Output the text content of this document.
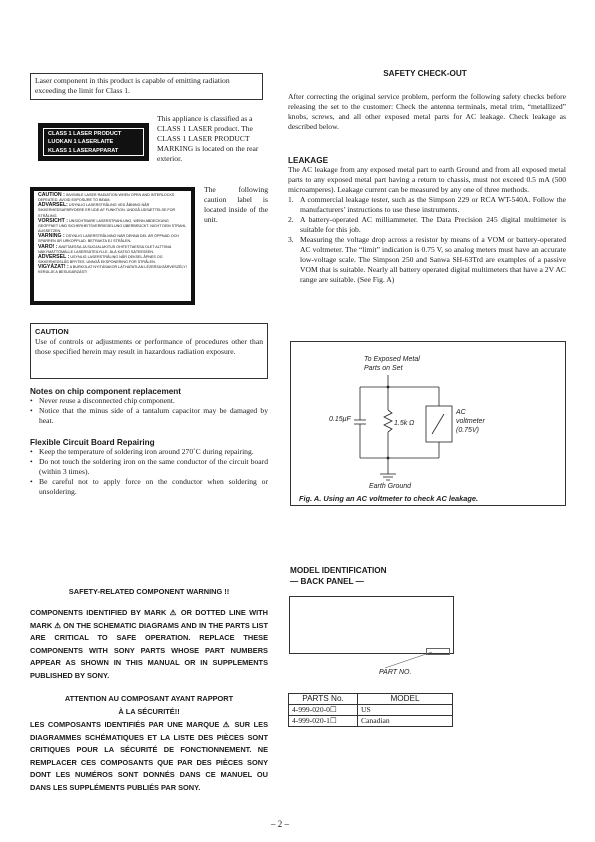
Laser component in this product is capable of emitting radiation exceeding the limit for Class 1.
CLASS 1 LASER PRODUCT
LUOKAN 1 LASERLAITE
KLASS 1 LASERAPPARAT
This appliance is classified as a CLASS 1 LASER product. The CLASS 1 LASER PRODUCT MARKING is located on the rear exterior.
CAUTION : INVISIBLE LASER RADIATION WHEN OPEN AND INTERLOCKS DEFEATED. AVOID EXPOSURE TO BEAM.
ADVARSEL: USYNLIG LASERSTRÅLING VED ÅBNING NÅR SIKKERHEDSAFBRYDERE ER UDE AF FUNKTION. UNDGÅ UDSÆTTELSE FOR STRÅLING.
VORSICHT : UNSICHTBARE LASERSTRAHLUNG, WENN ABDECKUNG GEÖFFNET UND SICHERHEITSVERRIEGELUNG ÜBERBRÜCKT. NICHT DEM STRAHL AUSSETZEN.
VARNING : OSYNLIG LASERSTRÅLNING NÄR DENNA DEL ÄR ÖPPNAD OCH SPÄRREN ÄR URKOPPLAD. BETRAKTA EJ STRÅLEN.
VARO! : AVATTAESSA JA SUOJALUKITUS OHITETTAESSA OLET ALTTIINA NÄKYMÄTTÖMÄLLE LASERSÄTEILYLLE. ÄLÄ KATSO SÄTEESEEN.
ADVERSEL : USYNLIG LASERSTRÅLING NÅR DEKSEL ÅPNES OG SIKKERHEDSLÅS BRYTES. UNNGÅ EKSPONERING FOR STRÅLEN.
VIGYÁZAT! : A BURKOLAT NYITÁSAKOR LÁTHATATLAN LÉZERSUGÁRVESZÉLY! KERÜLJE A BESUGÁRZÁST!
The following caution label is located inside of the unit.
CAUTION
Use of controls or adjustments or performance of procedures other than those specified herein may result in hazardous radiation exposure.
Notes on chip component replacement
• Never reuse a disconnected chip component.
• Notice that the minus side of a tantalum capacitor may be damaged by heat.
Flexible Circuit Board Repairing
• Keep the temperature of soldering iron around 270˚C during repairing.
• Do not touch the soldering iron on the same conductor of the circuit board (within 3 times).
• Be careful not to apply force on the conductor when soldering or unsoldering.
SAFETY CHECK-OUT
After correcting the original service problem, perform the following safety checks before releasing the set to the customer: Check the antenna terminals, metal trim, “metallized” knobs, screws, and all other exposed metal parts for AC leakage. Check leakage as described below.
LEAKAGE
The AC leakage from any exposed metal part to earth Ground and from all exposed metal parts to any exposed metal part having a return to chassis, must not exceed 0.5 mA (500 microamperes). Leakage current can be measured by any one of three methods.
1. A commercial leakage tester, such as the Simpson 229 or RCA WT-540A. Follow the manufacturers’ instructions to use these instruments.
2. A battery-operated AC milliammeter. The Data Precision 245 digital multimeter is suitable for this job.
3. Measuring the voltage drop across a resistor by means of a VOM or battery-operated AC voltmeter. The “limit” indication is 0.75 V, so analog meters must have an accurate low-voltage scale. The Simpson 250 and Sanwa SH-63Trd are examples of a passive VOM that is suitable. Nearly all battery operated digital multimeters that have a 2V AC range are suitable. (See Fig. A)
To Exposed Metal
Parts on Set
0.15μF
1.5k Ω
AC
voltmeter
(0.75V)
Earth Ground
Fig. A. Using an AC voltmeter to check AC leakage.
SAFETY-RELATED COMPONENT WARNING !!
COMPONENTS IDENTIFIED BY MARK ⚠ OR DOTTED LINE WITH MARK ⚠ ON THE SCHEMATIC DIAGRAMS AND IN THE PARTS LIST ARE CRITICAL TO SAFE OPERATION. REPLACE THESE COMPONENTS WITH SONY PARTS WHOSE PART NUMBERS APPEAR AS SHOWN IN THIS MANUAL OR IN SUPPLEMENTS PUBLISHED BY SONY.
ATTENTION AU COMPOSANT AYANT RAPPORT
À LA SÉCURITÉ!!
LES COMPOSANTS IDENTIFIÉS PAR UNE MARQUE ⚠ SUR LES DIAGRAMMES SCHÉMATIQUES ET LA LISTE DES PIÈCES SONT CRITIQUES POUR LA SÉCURITÉ DE FONCTIONNEMENT. NE REMPLACER CES COMPOSANTS QUE PAR DES PIÈCES SONY DONT LES NUMÉROS SONT DONNÉS DANS CE MANUEL OU DANS LES SUPPLÉMENTS PUBLIÉS PAR SONY.
MODEL IDENTIFICATION
— BACK PANEL —
PART NO.
PARTS No.	MODEL
4-999-020-0☐	US
4-999-020-1☐	Canadian
– 2 –
